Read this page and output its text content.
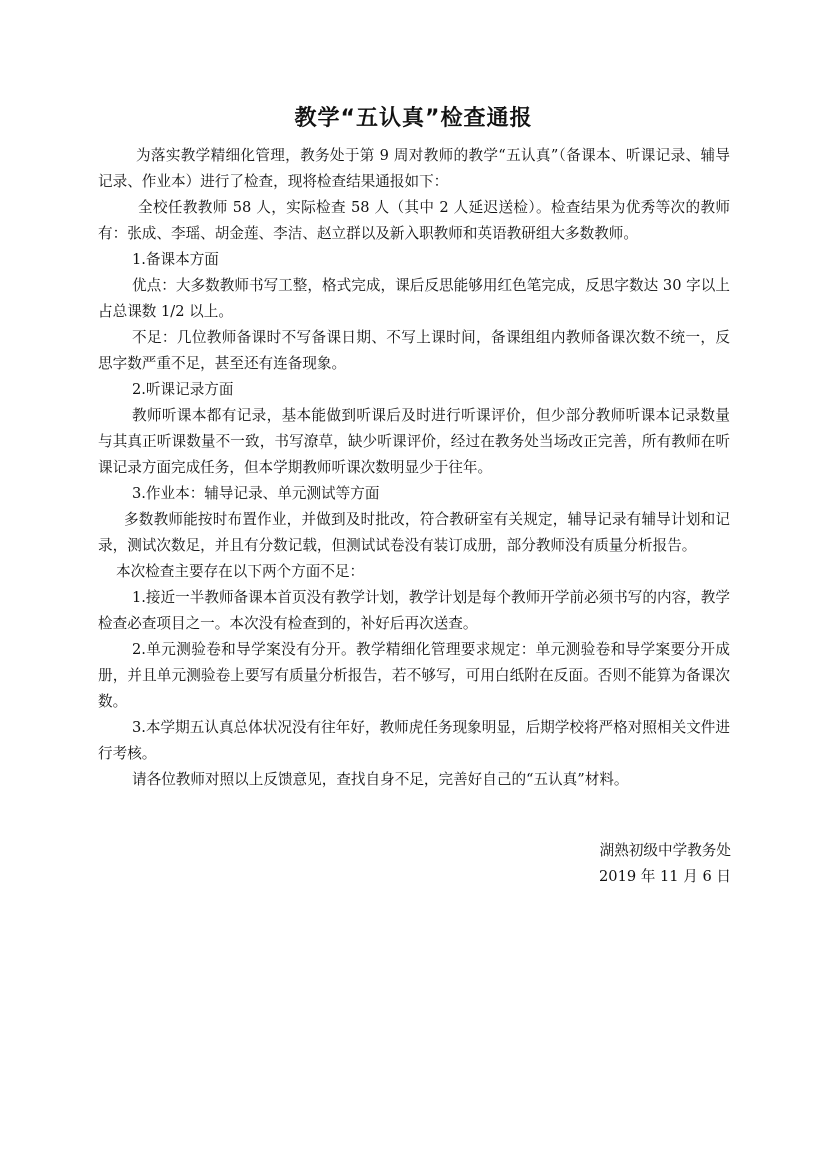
教学“五认真”检查通报

为落实教学精细化管理，教务处于第 9 周对教师的教学“五认真”（备课本、听课记录、辅导记录、作业本）进行了检查，现将检查结果通报如下：

全校任教教师 58 人，实际检查 58 人（其中 2 人延迟送检）。检查结果为优秀等次的教师有：张成、李瑶、胡金莲、李洁、赵立群以及新入职教师和英语教研组大多数教师。

1.备课本方面

优点：大多数教师书写工整，格式完成，课后反思能够用红色笔完成，反思字数达 30 字以上占总课数 1/2 以上。

不足：几位教师备课时不写备课日期、不写上课时间，备课组组内教师备课次数不统一，反思字数严重不足，甚至还有连备现象。

2.听课记录方面

教师听课本都有记录，基本能做到听课后及时进行听课评价，但少部分教师听课本记录数量与其真正听课数量不一致，书写潦草，缺少听课评价，经过在教务处当场改正完善，所有教师在听课记录方面完成任务，但本学期教师听课次数明显少于往年。

3.作业本：辅导记录、单元测试等方面

多数教师能按时布置作业，并做到及时批改，符合教研室有关规定，辅导记录有辅导计划和记录，测试次数足，并且有分数记载，但测试试卷没有装订成册，部分教师没有质量分析报告。

本次检查主要存在以下两个方面不足：

1.接近一半教师备课本首页没有教学计划，教学计划是每个教师开学前必须书写的内容，教学检查必查项目之一。本次没有检查到的，补好后再次送查。

2.单元测验卷和导学案没有分开。教学精细化管理要求规定：单元测验卷和导学案要分开成册，并且单元测验卷上要写有质量分析报告，若不够写，可用白纸附在反面。否则不能算为备课次数。

3.本学期五认真总体状况没有往年好，教师虎任务现象明显，后期学校将严格对照相关文件进行考核。

请各位教师对照以上反馈意见，查找自身不足，完善好自己的“五认真”材料。

湖熟初级中学教务处
2019 年 11 月 6 日
